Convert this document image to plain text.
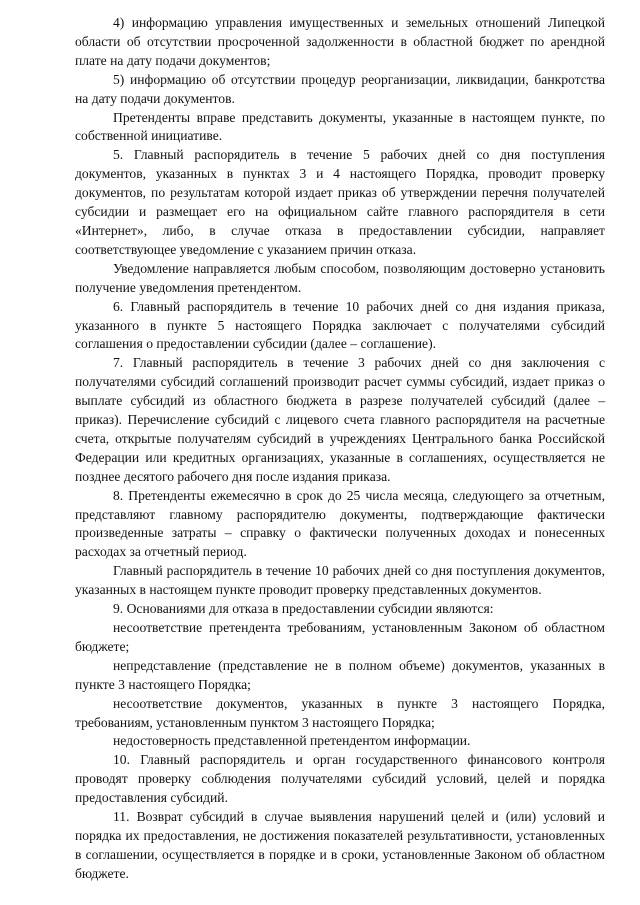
4) информацию управления имущественных и земельных отношений Липецкой области об отсутствии просроченной задолженности в областной бюджет по арендной плате на дату подачи документов;

5) информацию об отсутствии процедур реорганизации, ликвидации, банкротства на дату подачи документов.

Претенденты вправе представить документы, указанные в настоящем пункте, по собственной инициативе.

5. Главный распорядитель в течение 5 рабочих дней со дня поступления документов, указанных в пунктах 3 и 4 настоящего Порядка, проводит проверку документов, по результатам которой издает приказ об утверждении перечня получателей субсидии и размещает его на официальном сайте главного распорядителя в сети «Интернет», либо, в случае отказа в предоставлении субсидии, направляет соответствующее уведомление с указанием причин отказа.

Уведомление направляется любым способом, позволяющим достоверно установить получение уведомления претендентом.

6. Главный распорядитель в течение 10 рабочих дней со дня издания приказа, указанного в пункте 5 настоящего Порядка заключает с получателями субсидий соглашения о предоставлении субсидии (далее – соглашение).

7. Главный распорядитель в течение 3 рабочих дней со дня заключения с получателями субсидий соглашений производит расчет суммы субсидий, издает приказ о выплате субсидий из областного бюджета в разрезе получателей субсидий (далее – приказ). Перечисление субсидий с лицевого счета главного распорядителя на расчетные счета, открытые получателям субсидий в учреждениях Центрального банка Российской Федерации или кредитных организациях, указанные в соглашениях, осуществляется не позднее десятого рабочего дня после издания приказа.

8. Претенденты ежемесячно в срок до 25 числа месяца, следующего за отчетным, представляют главному распорядителю документы, подтверждающие фактически произведенные затраты – справку о фактически полученных доходах и понесенных расходах за отчетный период.

Главный распорядитель в течение 10 рабочих дней со дня поступления документов, указанных в настоящем пункте проводит проверку представленных документов.

9. Основаниями для отказа в предоставлении субсидии являются:

несоответствие претендента требованиям, установленным Законом об областном бюджете;

непредставление (представление не в полном объеме) документов, указанных в пункте 3 настоящего Порядка;

несоответствие документов, указанных в пункте 3 настоящего Порядка, требованиям, установленным пунктом 3 настоящего Порядка;

недостоверность представленной претендентом информации.

10. Главный распорядитель и орган государственного финансового контроля проводят проверку соблюдения получателями субсидий условий, целей и порядка предоставления субсидий.

11. Возврат субсидий в случае выявления нарушений целей и (или) условий и порядка их предоставления, не достижения показателей результативности, установленных в соглашении, осуществляется в порядке и в сроки, установленные Законом об областном бюджете.
